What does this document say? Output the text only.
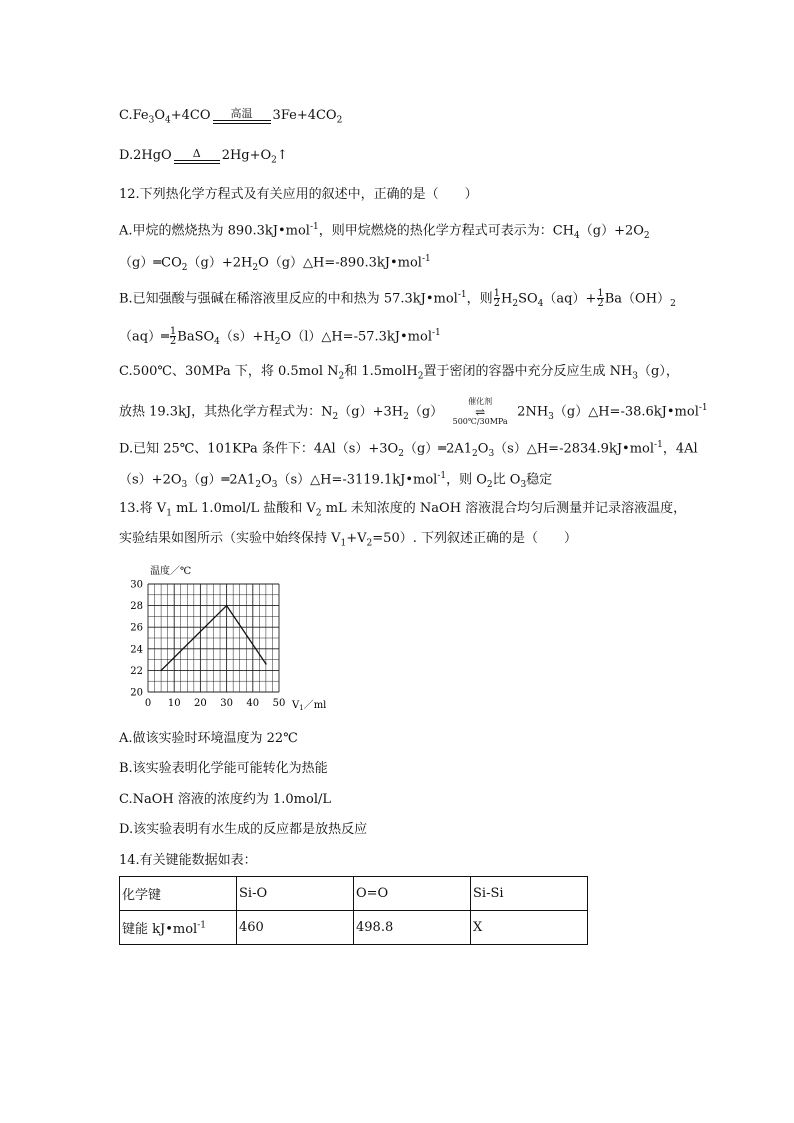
$C.Fe_3O_4+4CO$	高温	$3Fe+4CO_2$
D.2HgO	Δ	$2Hg+O_2↑$
12.下列热化学方程式及有关应用的叙述中，正确的是（　　）
A.甲烷的燃烧热为 890.3kJ•mol$^{-1}$，则甲烷燃烧的热化学方程式可表示为：$CH_4(g)+2O_2$
$(g)═CO_2(g)+2H_2O(g)\triangle H=-890.3kJ•mol^{-1}$
B.已知强酸与强碱在稀溶液里反应的中和热为 57.3kJ•mol$^{-1}$，则 $\frac{1}{2} H_2SO_4(aq)+ \frac{1}{2} Ba(OH)_2$
（aq）═ $\frac{1}{2}$ $BaSO_4(s)+H_2O(l)\triangle H=-57.3kJ•mol^{-1}$
C.500℃、30MPa 下，将 0.5mol $N_2$和 1.5molH$_2$置于密闭的容器中充分反应生成 $NH_3(g)$，
放热 19.3kJ，其热化学方程式为：$N_2(g)+3H_2(g)$
催化剂
⇌
500℃/30MPa
$2NH_3(g)\triangle H=-38.6kJ•mol^{-1}$
D.已知 25℃、101KPa 条件下：$4Al(s)+3O_2(g)═2A1_2O_3(s)\triangle H=-2834.9kJ•mol^{-1}$，4Al
$(s)+2O_3(g)═2A1_2O_3(s)\triangle H=-3119.1kJ•mol^{-1}$，则 $O_2$比 $O_3$稳定
13.将 $V_1$ mL 1.0mol/L 盐酸和 $V_2$ mL 未知浓度的 NaOH 溶液混合均匀后测量并记录溶液温度，
实验结果如图所示（实验中始终保持 $V_1+V_2=50$）. 下列叙述正确的是（　　）
0 10 20 30 40 50
20
22
24
26
28
30
温度／℃
$V_1/ml$
A.做该实验时环境温度为 22℃
B.该实验表明化学能可能转化为热能
C.NaOH 溶液的浓度约为 1.0mol/L
D.该实验表明有水生成的反应都是放热反应
14.有关键能数据如表：
化学键	Si-O	O=O	Si-Si
键能 kJ•mol$^{-1}$	460	498.8	X
